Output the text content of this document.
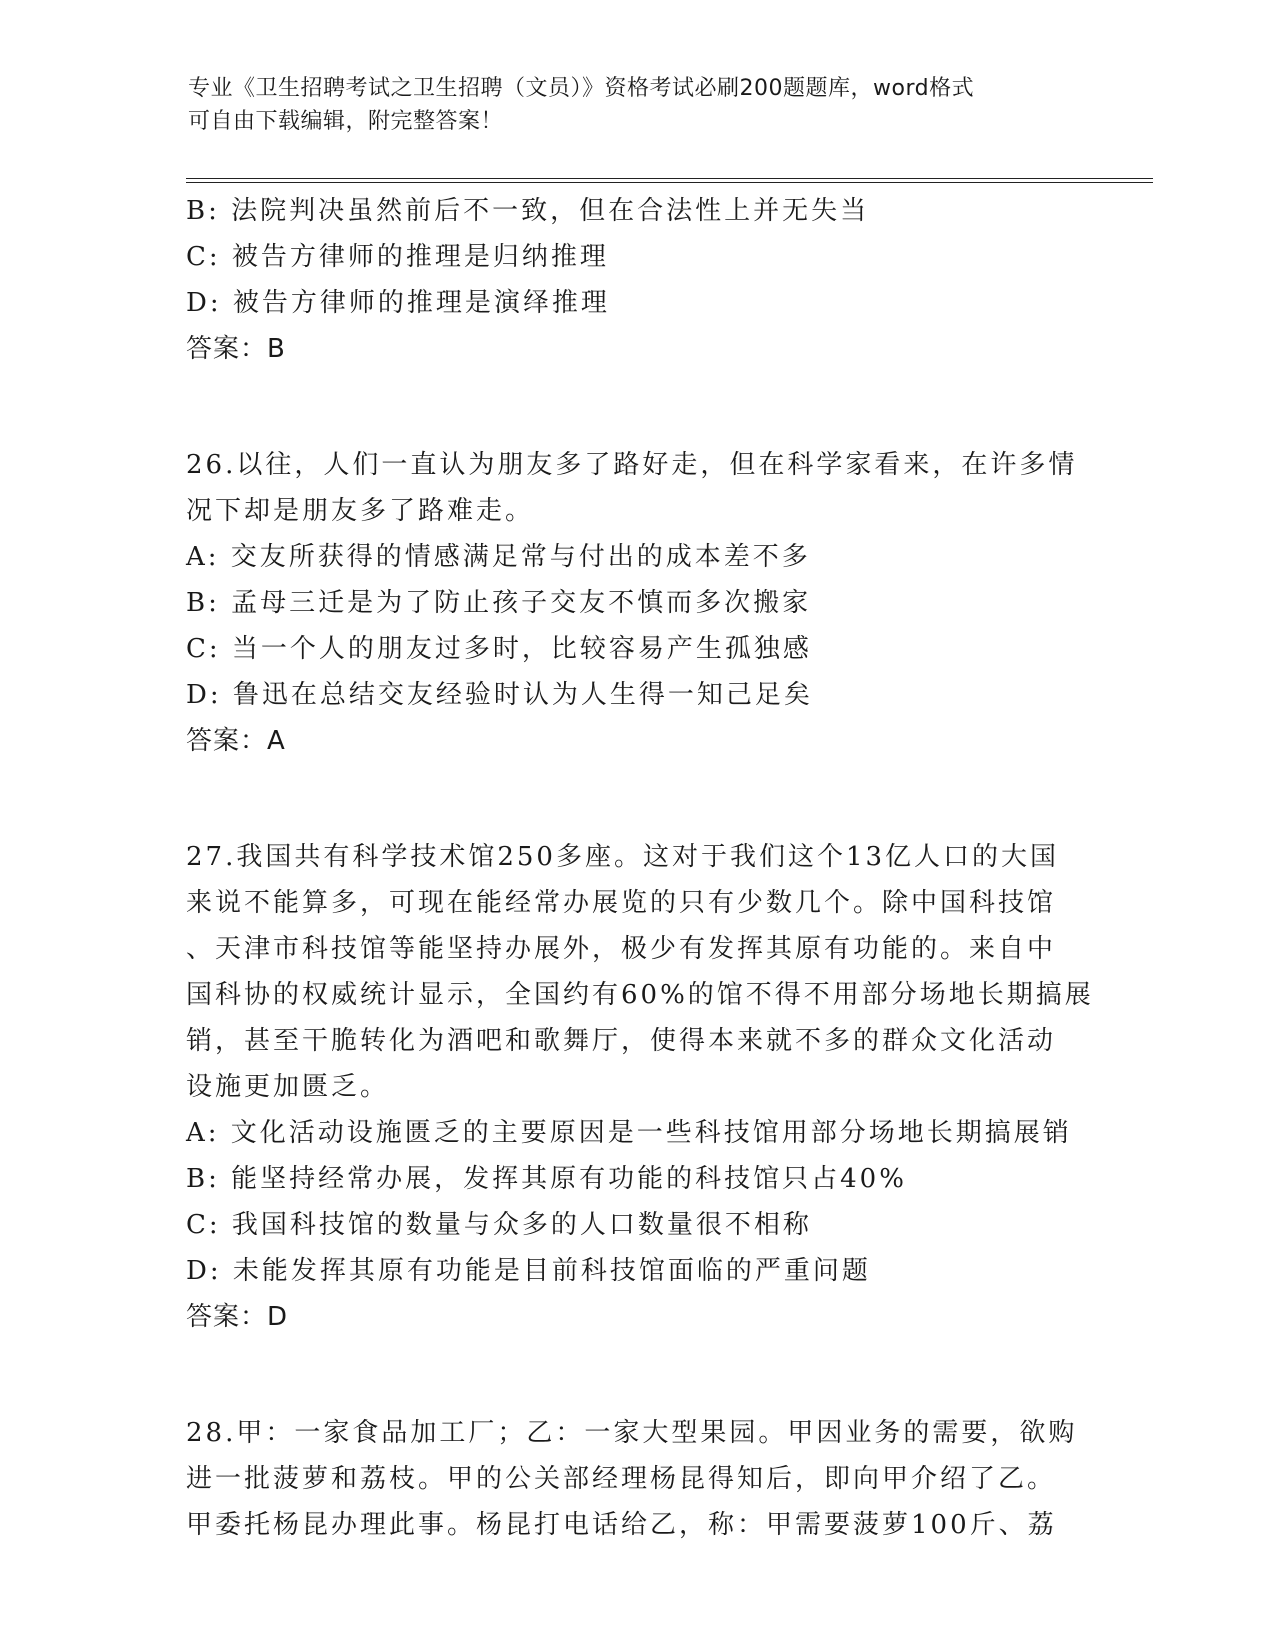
专业《卫生招聘考试之卫生招聘（文员）》资格考试必刷200题题库，word格式
可自由下载编辑，附完整答案！
B: 法院判决虽然前后不一致，但在合法性上并无失当
C: 被告方律师的推理是归纳推理
D: 被告方律师的推理是演绎推理
答案：B
26.以往，人们一直认为朋友多了路好走，但在科学家看来，在许多情
况下却是朋友多了路难走。
A: 交友所获得的情感满足常与付出的成本差不多
B: 孟母三迁是为了防止孩子交友不慎而多次搬家
C: 当一个人的朋友过多时，比较容易产生孤独感
D: 鲁迅在总结交友经验时认为人生得一知己足矣
答案：A
27.我国共有科学技术馆250多座。这对于我们这个13亿人口的大国
来说不能算多，可现在能经常办展览的只有少数几个。除中国科技馆
、天津市科技馆等能坚持办展外，极少有发挥其原有功能的。来自中
国科协的权威统计显示，全国约有60%的馆不得不用部分场地长期搞展
销，甚至干脆转化为酒吧和歌舞厅，使得本来就不多的群众文化活动
设施更加匮乏。
A: 文化活动设施匮乏的主要原因是一些科技馆用部分场地长期搞展销
B: 能坚持经常办展，发挥其原有功能的科技馆只占40%
C: 我国科技馆的数量与众多的人口数量很不相称
D: 未能发挥其原有功能是目前科技馆面临的严重问题
答案：D
28.甲：一家食品加工厂；乙：一家大型果园。甲因业务的需要，欲购
进一批菠萝和荔枝。甲的公关部经理杨昆得知后，即向甲介绍了乙。
甲委托杨昆办理此事。杨昆打电话给乙，称：甲需要菠萝100斤、荔
